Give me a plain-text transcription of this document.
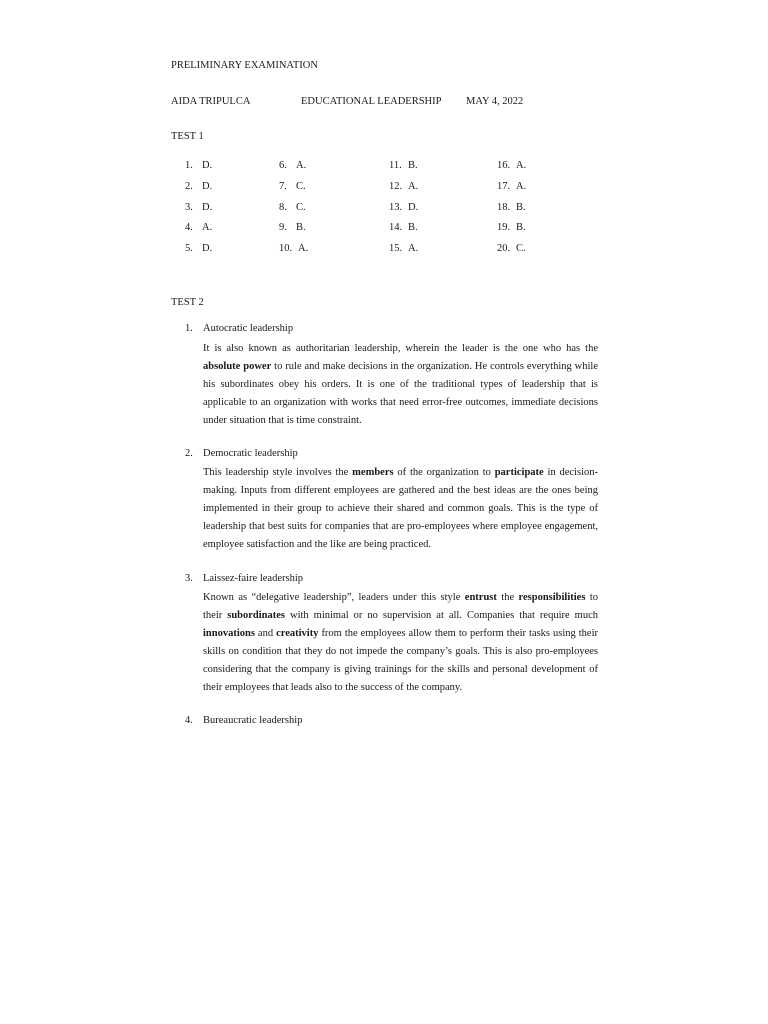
PRELIMINARY EXAMINATION
AIDA TRIPULCA	EDUCATIONAL LEADERSHIP MAY 4, 2022
TEST 1
1. D.
2. D.
3. D.
4. A.
5. D.
6. A.
7. C.
8. C.
9. B.
10. A.
11. B.
12. A.
13. D.
14. B.
15. A.
16. A.
17. A.
18. B.
19. B.
20. C.
TEST 2
1. Autocratic leadership

It is also known as authoritarian leadership, wherein the leader is the one who has the absolute power to rule and make decisions in the organization. He controls everything while his subordinates obey his orders. It is one of the traditional types of leadership that is applicable to an organization with works that need error-free outcomes, immediate decisions under situation that is time constraint.

2. Democratic leadership

This leadership style involves the members of the organization to participate in decision-making. Inputs from different employees are gathered and the best ideas are the ones being implemented in their group to achieve their shared and common goals. This is the type of leadership that best suits for companies that are pro-employees where employee engagement, employee satisfaction and the like are being practiced.

3. Laissez-faire leadership

Known as “delegative leadership”, leaders under this style entrust the responsibilities to their subordinates with minimal or no supervision at all. Companies that require much innovations and creativity from the employees allow them to perform their tasks using their skills on condition that they do not impede the company’s goals. This is also pro-employees considering that the company is giving trainings for the skills and personal development of their employees that leads also to the success of the company.

4. Bureaucratic leadership
